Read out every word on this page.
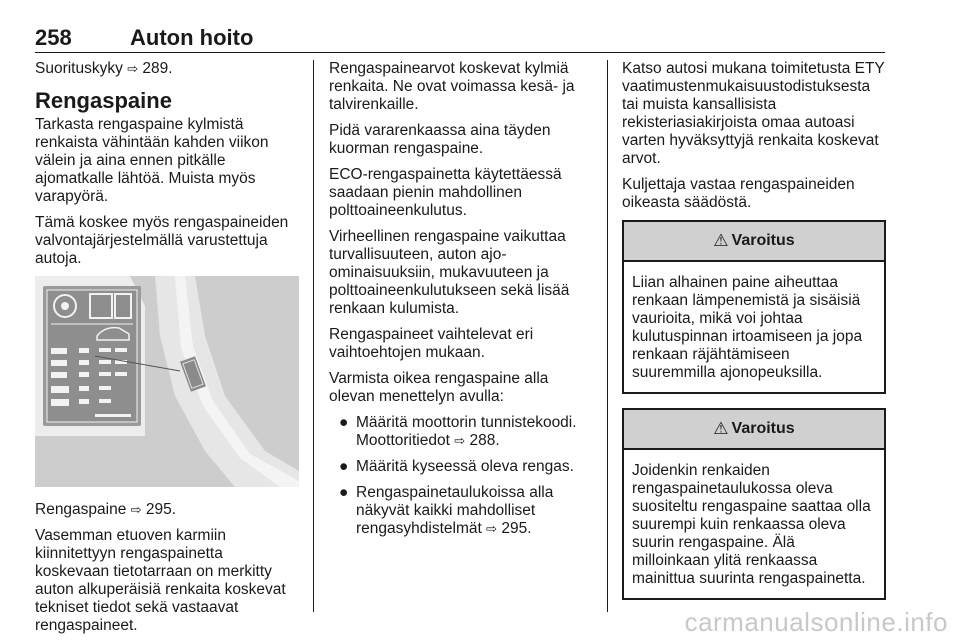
258	Auton hoito

Suorituskyky ⇨ 289.

Rengaspaine

Tarkasta rengaspaine kylmistä renkaista vähintään kahden viikon välein ja aina ennen pitkälle ajomatkalle lähtöä. Muista myös varapyörä.

Tämä koskee myös rengaspaineiden valvontajärjestelmällä varustettuja autoja.

Rengaspaine ⇨ 295.

Vasemman etuoven karmiin kiinnitettyyn rengaspainetta koskevaan tietotarraan on merkitty auton alkuperäisiä renkaita koskevat tekniset tiedot sekä vastaavat rengaspaineet.

Rengaspainearvot koskevat kylmiä renkaita. Ne ovat voimassa kesä- ja talvirenkaille.

Pidä vararenkaassa aina täyden kuorman rengaspaine.

ECO-rengaspainetta käytettäessä saadaan pienin mahdollinen polttoaineenkulutus.

Virheellinen rengaspaine vaikuttaa turvallisuuteen, auton ajo-ominaisuuksiin, mukavuuteen ja polttoaineenkulutukseen sekä lisää renkaan kulumista.

Rengaspaineet vaihtelevat eri vaihtoehtojen mukaan.

Varmista oikea rengaspaine alla olevan menettelyn avulla:

● Määritä moottorin tunnistekoodi. Moottoritiedot ⇨ 288.
● Määritä kyseessä oleva rengas.
● Rengaspainetaulukoissa alla näkyvät kaikki mahdolliset rengasyhdistelmät ⇨ 295.

Katso autosi mukana toimitetusta ETY vaatimustenmukaisuustodistuksesta tai muista kansallisista rekisteriasiakirjoista omaa autoasi varten hyväksyttyjä renkaita koskevat arvot.

Kuljettaja vastaa rengaspaineiden oikeasta säädöstä.

⚠ Varoitus
Liian alhainen paine aiheuttaa renkaan lämpenemistä ja sisäisiä vaurioita, mikä voi johtaa kulutuspinnan irtoamiseen ja jopa renkaan räjähtämiseen suuremmilla ajonopeuksilla.
⚠ Varoitus
Joidenkin renkaiden rengaspainetaulukossa oleva suositeltu rengaspaine saattaa olla suurempi kuin renkaassa oleva suurin rengaspaine. Älä milloinkaan ylitä renkaassa mainittua suurinta rengaspainetta.
carmanualsonline.info
